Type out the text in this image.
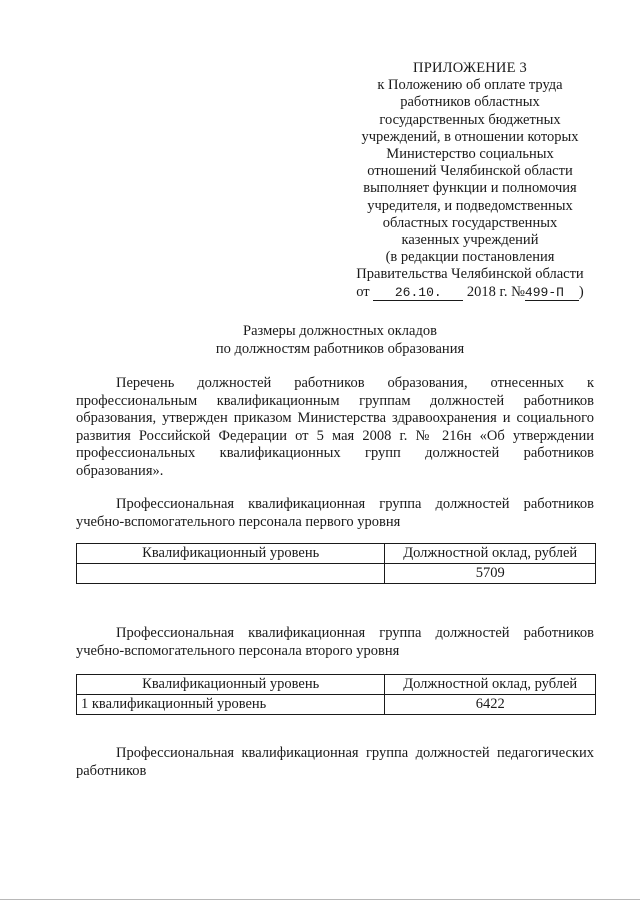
ПРИЛОЖЕНИЕ 3
к Положению об оплате труда
работников областных
государственных бюджетных
учреждений, в отношении которых
Министерство социальных
отношений Челябинской области
выполняет функции и полномочия
учредителя, и подведомственных
областных государственных
казенных учреждений
(в редакции постановления
Правительства Челябинской области
от 26.10. 2018 г. №499-П )
Размеры должностных окладов
по должностям работников образования

Перечень должностей работников образования, отнесенных к профессиональным квалификационным группам должностей работников образования, утвержден приказом Министерства здравоохранения и социального развития Российской Федерации от 5 мая 2008 г. № 216н «Об утверждении профессиональных квалификационных групп должностей работников образования».

Профессиональная квалификационная группа должностей работников учебно-вспомогательного персонала первого уровня

Квалификационный уровень	Должностной оклад, рублей
	5709

Профессиональная квалификационная группа должностей работников учебно-вспомогательного персонала второго уровня

Квалификационный уровень	Должностной оклад, рублей
1 квалификационный уровень	6422

Профессиональная квалификационная группа должностей педагогических работников
